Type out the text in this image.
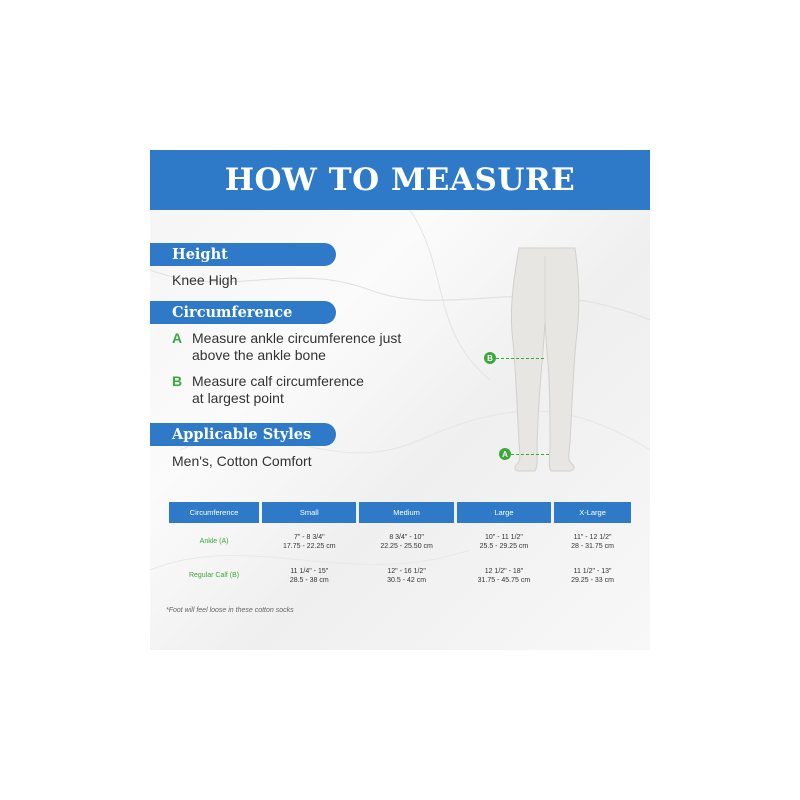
HOW TO MEASURE
Height
Knee High
Circumference
A Measure ankle circumference just
above the ankle bone
B Measure calf circumference
at largest point
Applicable Styles
Men's, Cotton Comfort
B
A
Circumference	Small	Medium	Large	X-Large
Ankle (A)	7" - 8 3/4"
17.75 - 22.25 cm	8 3/4" - 10"
22.25 - 25.50 cm	10" - 11 1/2"
25.5 - 29.25 cm	11" - 12 1/2"
28 - 31.75 cm
Regular Calf (B)	11 1/4" - 15"
28.5 - 38 cm	12" - 16 1/2"
30.5 - 42 cm	12 1/2" - 18"
31.75 - 45.75 cm	11 1/2" - 13"
29.25 - 33 cm
*Foot will feel loose in these cotton socks
